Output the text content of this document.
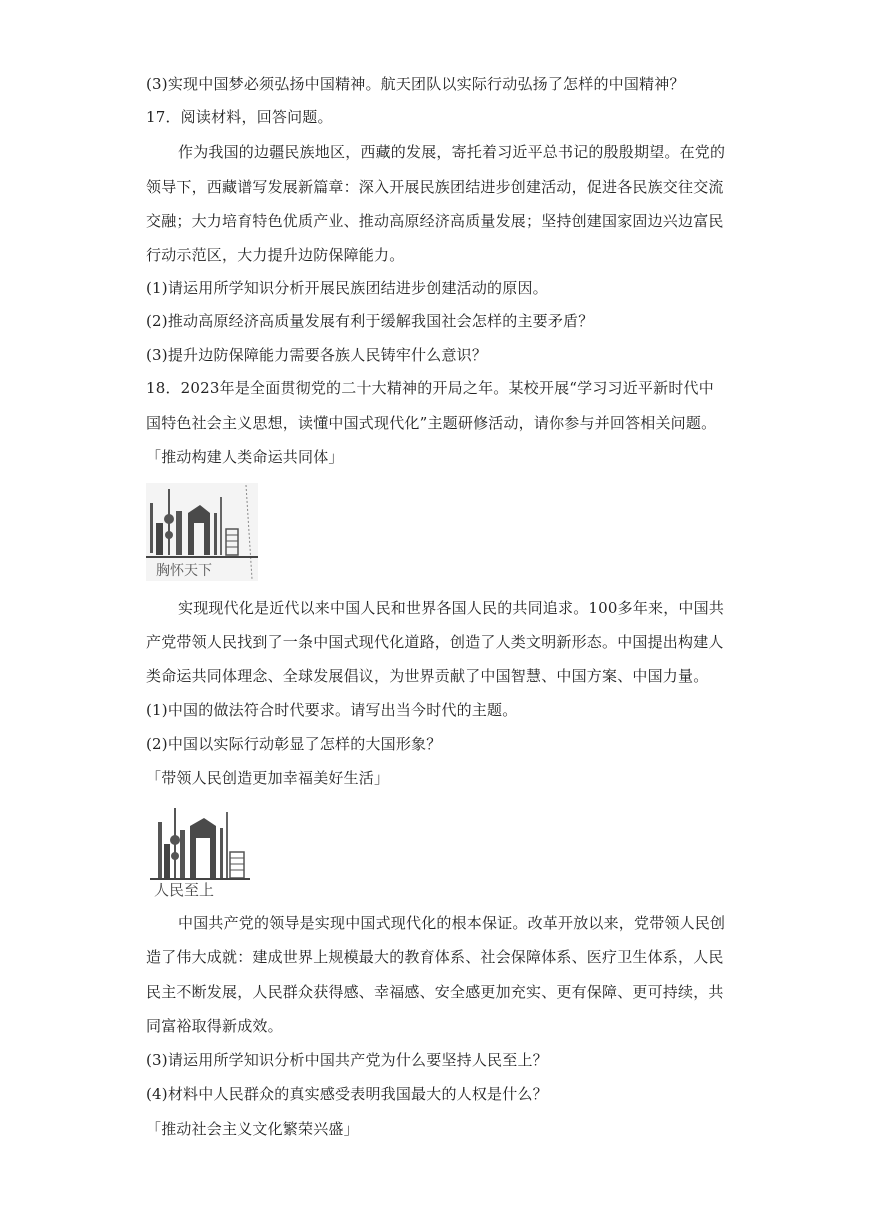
(3)实现中国梦必须弘扬中国精神。航天团队以实际行动弘扬了怎样的中国精神？
17．阅读材料，回答问题。
作为我国的边疆民族地区，西藏的发展，寄托着习近平总书记的殷殷期望。在党的
领导下，西藏谱写发展新篇章：深入开展民族团结进步创建活动，促进各民族交往交流
交融；大力培育特色优质产业、推动高原经济高质量发展；坚持创建国家固边兴边富民
行动示范区，大力提升边防保障能力。
(1)请运用所学知识分析开展民族团结进步创建活动的原因。
(2)推动高原经济高质量发展有利于缓解我国社会怎样的主要矛盾？
(3)提升边防保障能力需要各族人民铸牢什么意识？
18．2023年是全面贯彻党的二十大精神的开局之年。某校开展“学习习近平新时代中
国特色社会主义思想，读懂中国式现代化”主题研修活动，请你参与并回答相关问题。
「推动构建人类命运共同体」
胸怀天下
实现现代化是近代以来中国人民和世界各国人民的共同追求。100多年来，中国共
产党带领人民找到了一条中国式现代化道路，创造了人类文明新形态。中国提出构建人
类命运共同体理念、全球发展倡议，为世界贡献了中国智慧、中国方案、中国力量。
(1)中国的做法符合时代要求。请写出当今时代的主题。
(2)中国以实际行动彰显了怎样的大国形象？
「带领人民创造更加幸福美好生活」
人民至上
中国共产党的领导是实现中国式现代化的根本保证。改革开放以来，党带领人民创
造了伟大成就：建成世界上规模最大的教育体系、社会保障体系、医疗卫生体系，人民
民主不断发展，人民群众获得感、幸福感、安全感更加充实、更有保障、更可持续，共
同富裕取得新成效。
(3)请运用所学知识分析中国共产党为什么要坚持人民至上？
(4)材料中人民群众的真实感受表明我国最大的人权是什么？
「推动社会主义文化繁荣兴盛」
